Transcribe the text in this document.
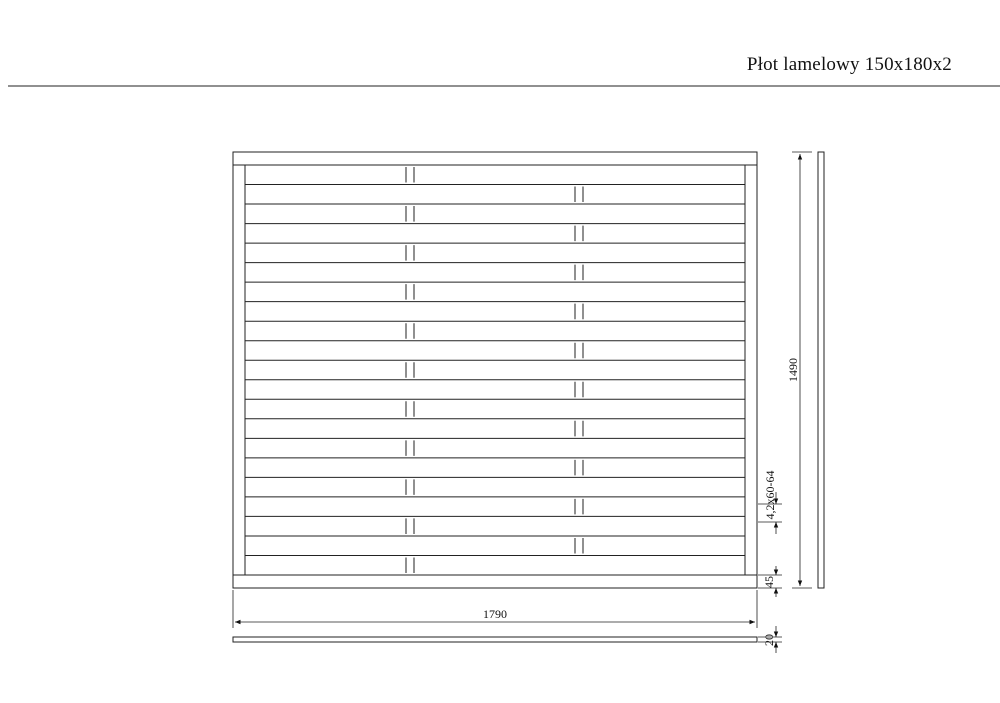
Płot lamelowy 150x180x2
1790
1490
4,2x60-64
45
20
